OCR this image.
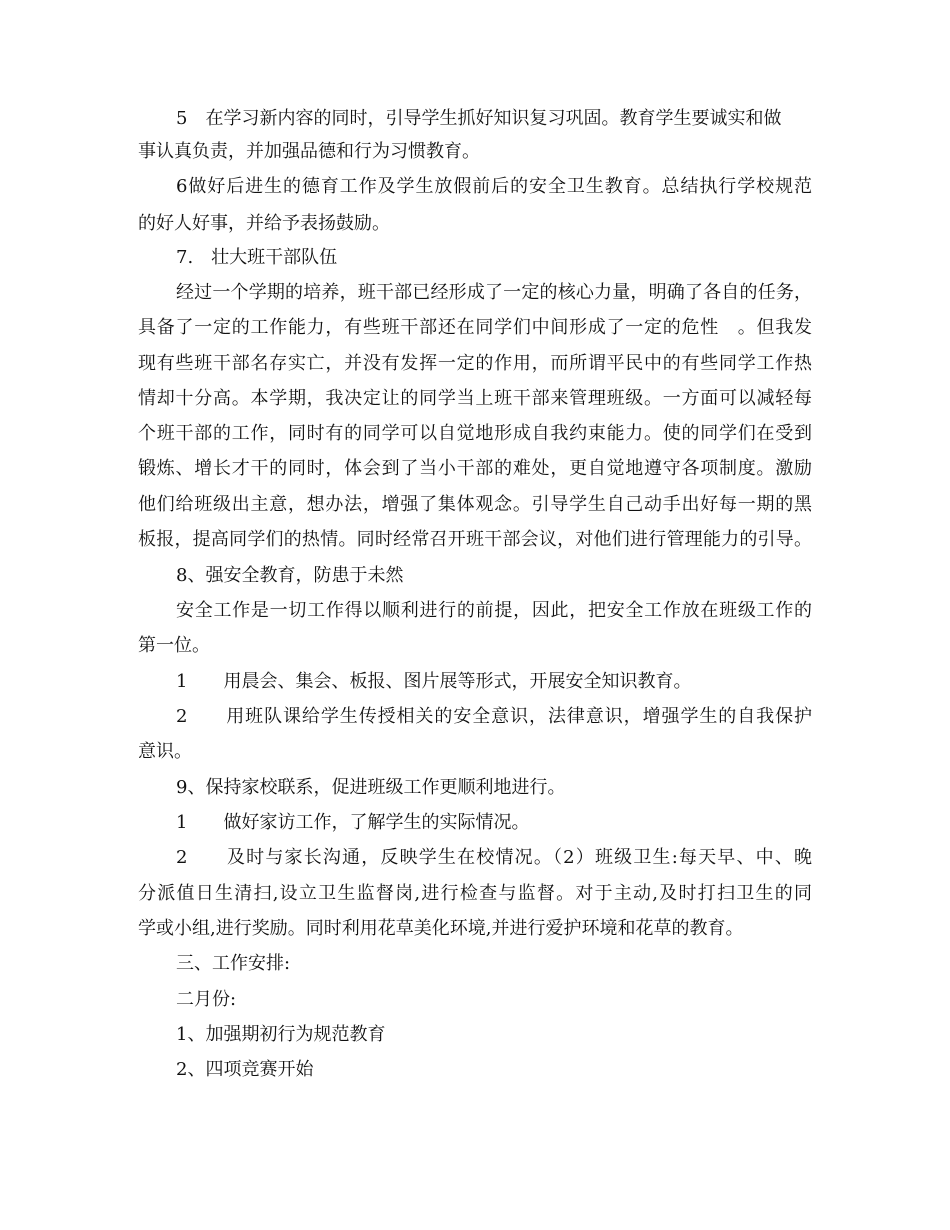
5　在学习新内容的同时，引导学生抓好知识复习巩固。教育学生要诚实和做
事认真负责，并加强品德和行为习惯教育。
6做好后进生的德育工作及学生放假前后的安全卫生教育。总结执行学校规范
的好人好事，并给予表扬鼓励。
7.　壮大班干部队伍
经过一个学期的培养，班干部已经形成了一定的核心力量，明确了各自的任务，
具备了一定的工作能力，有些班干部还在同学们中间形成了一定的危性　。但我发
现有些班干部名存实亡，并没有发挥一定的作用，而所谓平民中的有些同学工作热
情却十分高。本学期，我决定让的同学当上班干部来管理班级。一方面可以减轻每
个班干部的工作，同时有的同学可以自觉地形成自我约束能力。使的同学们在受到
锻炼、增长才干的同时，体会到了当小干部的难处，更自觉地遵守各项制度。激励
他们给班级出主意，想办法，增强了集体观念。引导学生自己动手出好每一期的黑
板报，提高同学们的热情。同时经常召开班干部会议，对他们进行管理能力的引导。
8、强安全教育，防患于未然
安全工作是一切工作得以顺利进行的前提，因此，把安全工作放在班级工作的
第一位。
1　　用晨会、集会、板报、图片展等形式，开展安全知识教育。
2　　用班队课给学生传授相关的安全意识，法律意识，增强学生的自我保护
意识。
9、保持家校联系，促进班级工作更顺利地进行。
1　　做好家访工作，了解学生的实际情况。
2　　及时与家长沟通，反映学生在校情况。（2）班级卫生:每天早、中、晚
分派值日生清扫,设立卫生监督岗,进行检查与监督。对于主动,及时打扫卫生的同
学或小组,进行奖励。同时利用花草美化环境,并进行爱护环境和花草的教育。
三、工作安排:
二月份:
1、加强期初行为规范教育
2、四项竞赛开始
